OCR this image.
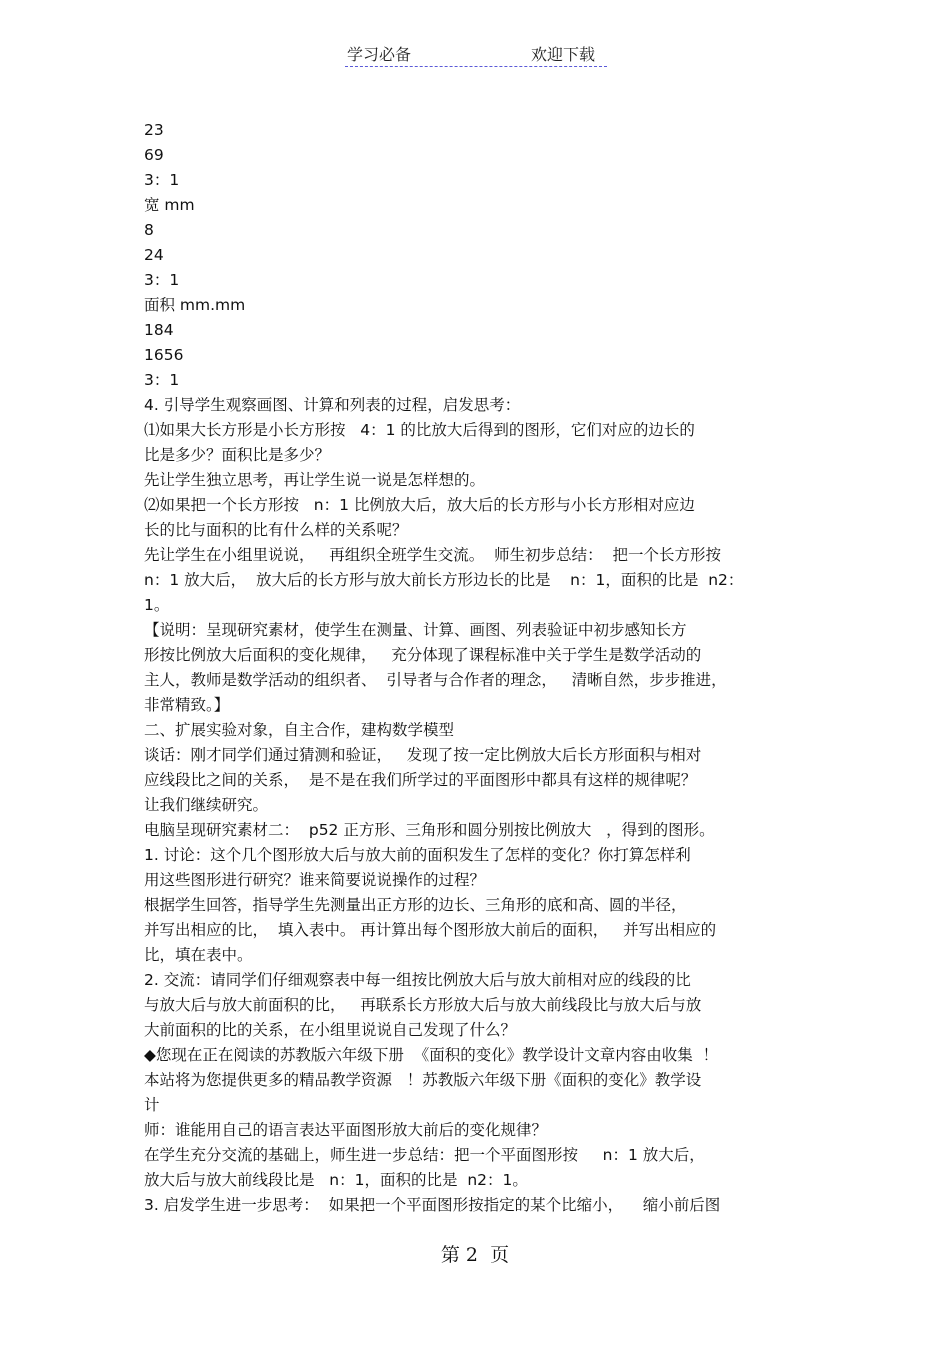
学习必备	欢迎下载
23
69
3：1
宽 mm
8
24
3：1
面积 mm.mm
184
1656
3：1
4. 引导学生观察画图、计算和列表的过程，启发思考：
⑴如果大长方形是小长方形按   4：1 的比放大后得到的图形，它们对应的边长的
比是多少？面积比是多少？
先让学生独立思考，再让学生说一说是怎样想的。
⑵如果把一个长方形按   n：1 比例放大后，放大后的长方形与小长方形相对应边
长的比与面积的比有什么样的关系呢？
先让学生在小组里说说，   再组织全班学生交流。  师生初步总结：  把一个长方形按
n：1 放大后，  放大后的长方形与放大前长方形边长的比是    n：1，面积的比是  n2：
1。
【说明：呈现研究素材，使学生在测量、计算、画图、列表验证中初步感知长方
形按比例放大后面积的变化规律，   充分体现了课程标准中关于学生是数学活动的
主人，教师是数学活动的组织者、  引导者与合作者的理念，   清晰自然，步步推进，
非常精致。】
二、扩展实验对象，自主合作，建构数学模型
谈话：刚才同学们通过猜测和验证，   发现了按一定比例放大后长方形面积与相对
应线段比之间的关系，  是不是在我们所学过的平面图形中都具有这样的规律呢？
让我们继续研究。
电脑呈现研究素材二：  p52 正方形、三角形和圆分别按比例放大   ，得到的图形。
1. 讨论：这个几个图形放大后与放大前的面积发生了怎样的变化？你打算怎样利
用这些图形进行研究？谁来简要说说操作的过程？
根据学生回答，指导学生先测量出正方形的边长、三角形的底和高、圆的半径，
并写出相应的比，  填入表中。 再计算出每个图形放大前后的面积，   并写出相应的
比，填在表中。
2. 交流：请同学们仔细观察表中每一组按比例放大后与放大前相对应的线段的比
与放大后与放大前面积的比，   再联系长方形放大后与放大前线段比与放大后与放
大前面积的比的关系，在小组里说说自己发现了什么？
◆您现在正在阅读的苏教版六年级下册  《面积的变化》教学设计文章内容由收集  ！
本站将为您提供更多的精品教学资源   ！苏教版六年级下册《面积的变化》教学设
计
师：谁能用自己的语言表达平面图形放大前后的变化规律？
在学生充分交流的基础上，师生进一步总结：把一个平面图形按     n：1 放大后，
放大后与放大前线段比是   n：1，面积的比是  n2：1。
3. 启发学生进一步思考：  如果把一个平面图形按指定的某个比缩小，    缩小前后图
第 2  页
